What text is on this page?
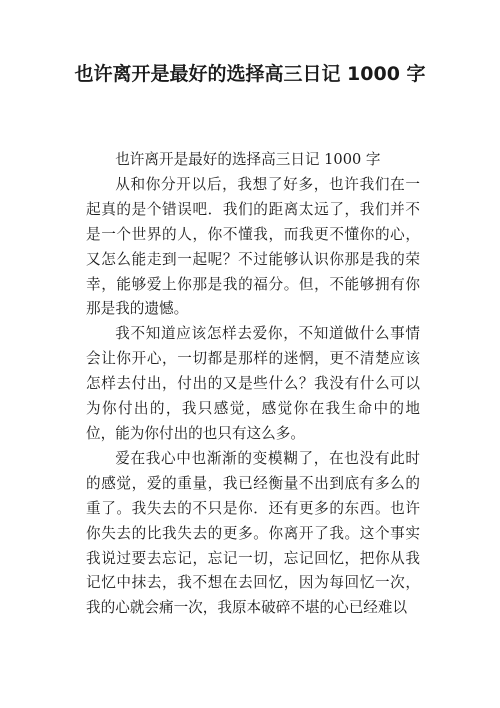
也许离开是最好的选择高三日记 1000 字

也许离开是最好的选择高三日记 1000 字

从和你分开以后，我想了好多，也许我们在一起真的是个错误吧．我们的距离太远了，我们并不是一个世界的人，你不懂我，而我更不懂你的心，又怎么能走到一起呢？不过能够认识你那是我的荣幸，能够爱上你那是我的福分。但，不能够拥有你那是我的遗憾。

我不知道应该怎样去爱你，不知道做什么事情会让你开心，一切都是那样的迷惘，更不清楚应该怎样去付出，付出的又是些什么？我没有什么可以为你付出的，我只感觉，感觉你在我生命中的地位，能为你付出的也只有这么多。

爱在我心中也渐渐的变模糊了，在也没有此时的感觉，爱的重量，我已经衡量不出到底有多么的重了。我失去的不只是你．还有更多的东西。也许你失去的比我失去的更多。你离开了我。这个事实我说过要去忘记，忘记一切，忘记回忆，把你从我记忆中抹去，我不想在去回忆，因为每回忆一次，我的心就会痛一次，我原本破碎不堪的心已经难以
